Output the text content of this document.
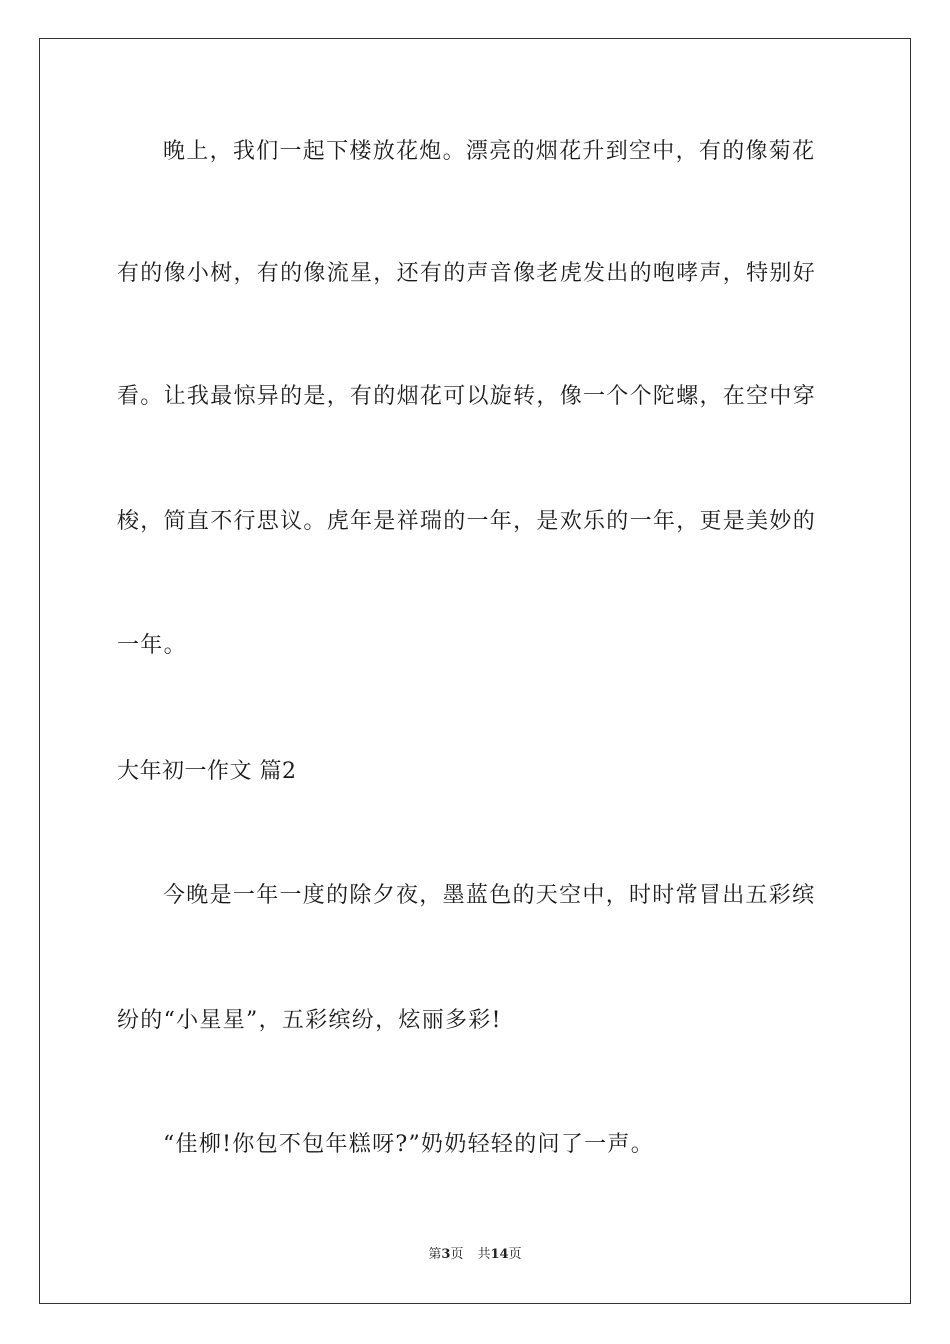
晚上，我们一起下楼放花炮。漂亮的烟花升到空中，有的像菊花
有的像小树，有的像流星，还有的声音像老虎发出的咆哮声，特别好
看。让我最惊异的是，有的烟花可以旋转，像一个个陀螺，在空中穿
梭，简直不行思议。虎年是祥瑞的一年，是欢乐的一年，更是美妙的
一年。
大年初一作文 篇2
今晚是一年一度的除夕夜，墨蓝色的天空中，时时常冒出五彩缤
纷的“小星星”，五彩缤纷，炫丽多彩!
“佳柳!你包不包年糕呀?”奶奶轻轻的问了一声。
第3页 共14页
